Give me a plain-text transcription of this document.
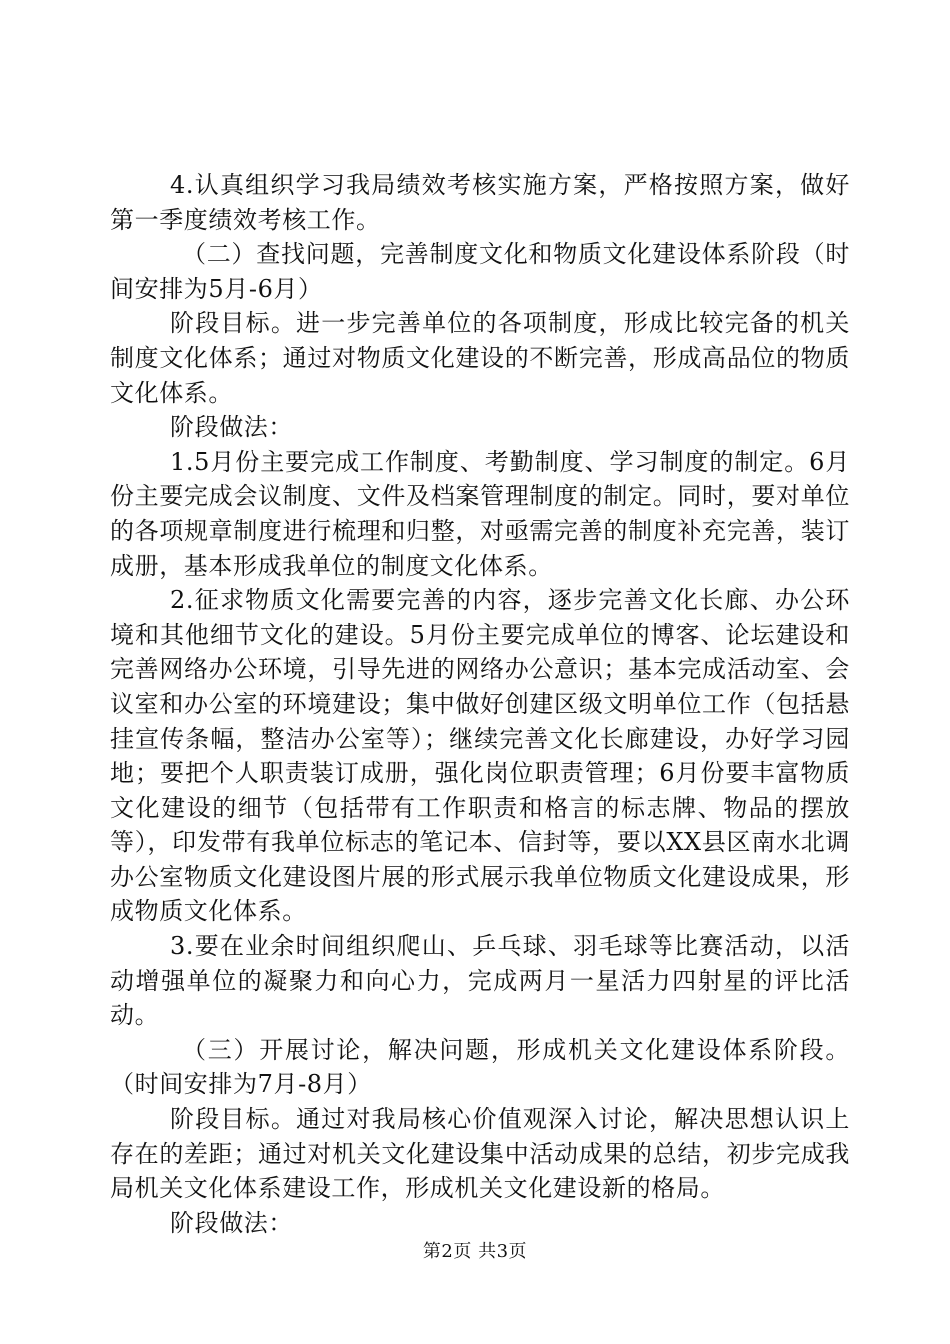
4.认真组织学习我局绩效考核实施方案，严格按照方案，做好第一季度绩效考核工作。

（二）查找问题，完善制度文化和物质文化建设体系阶段（时间安排为5月-6月）

阶段目标。进一步完善单位的各项制度，形成比较完备的机关制度文化体系；通过对物质文化建设的不断完善，形成高品位的物质文化体系。

阶段做法：

1.5月份主要完成工作制度、考勤制度、学习制度的制定。6月份主要完成会议制度、文件及档案管理制度的制定。同时，要对单位的各项规章制度进行梳理和归整，对亟需完善的制度补充完善，装订成册，基本形成我单位的制度文化体系。

2.征求物质文化需要完善的内容，逐步完善文化长廊、办公环境和其他细节文化的建设。5月份主要完成单位的博客、论坛建设和完善网络办公环境，引导先进的网络办公意识；基本完成活动室、会议室和办公室的环境建设；集中做好创建区级文明单位工作（包括悬挂宣传条幅，整洁办公室等）；继续完善文化长廊建设，办好学习园地；要把个人职责装订成册，强化岗位职责管理；6月份要丰富物质文化建设的细节（包括带有工作职责和格言的标志牌、物品的摆放等），印发带有我单位标志的笔记本、信封等，要以XX县区南水北调办公室物质文化建设图片展的形式展示我单位物质文化建设成果，形成物质文化体系。

3.要在业余时间组织爬山、乒乓球、羽毛球等比赛活动，以活动增强单位的凝聚力和向心力，完成两月一星活力四射星的评比活动。

（三）开展讨论，解决问题，形成机关文化建设体系阶段。（时间安排为7月-8月）

阶段目标。通过对我局核心价值观深入讨论，解决思想认识上存在的差距；通过对机关文化建设集中活动成果的总结，初步完成我局机关文化体系建设工作，形成机关文化建设新的格局。

阶段做法：

第2页 共3页
